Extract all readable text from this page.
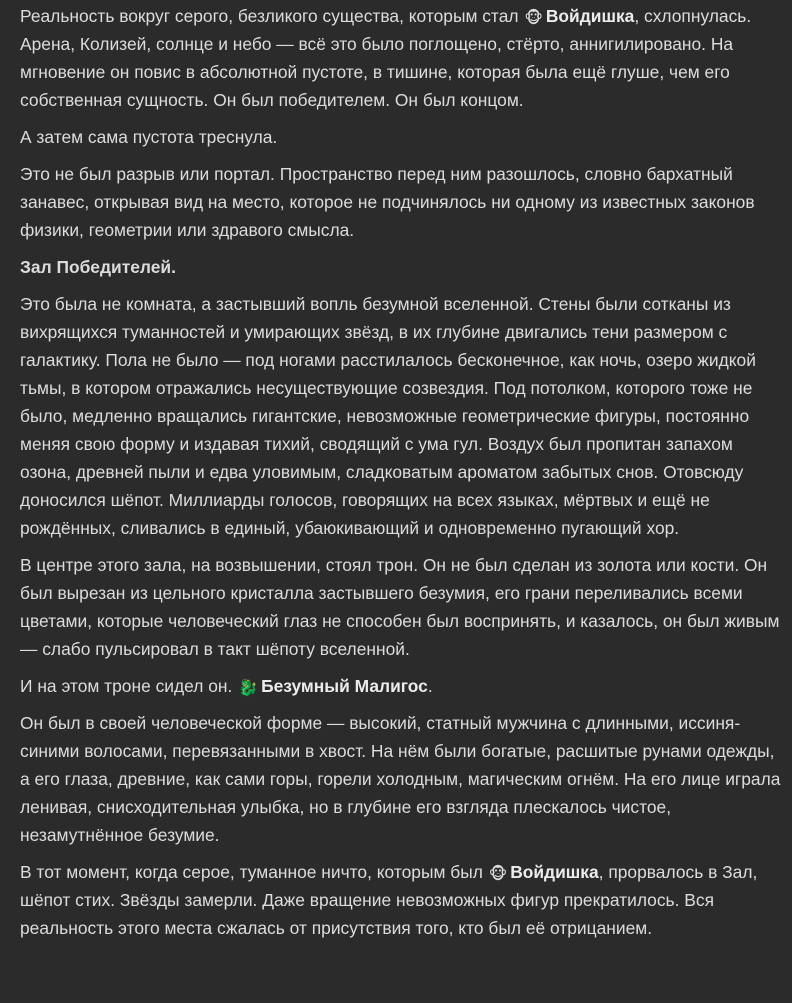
Реальность вокруг серого, безликого существа, которым стал 🐵 Войдишка, схлопнулась. Арена, Колизей, солнце и небо — всё это было поглощено, стёрто, аннигилировано. На мгновение он повис в абсолютной пустоте, в тишине, которая была ещё глуше, чем его собственная сущность. Он был победителем. Он был концом.

А затем сама пустота треснула.

Это не был разрыв или портал. Пространство перед ним разошлось, словно бархатный занавес, открывая вид на место, которое не подчинялось ни одному из известных законов физики, геометрии или здравого смысла.

Зал Победителей.

Это была не комната, а застывший вопль безумной вселенной. Стены были сотканы из вихрящихся туманностей и умирающих звёзд, в их глубине двигались тени размером с галактику. Пола не было — под ногами расстилалось бесконечное, как ночь, озеро жидкой тьмы, в котором отражались несуществующие созвездия. Под потолком, которого тоже не было, медленно вращались гигантские, невозможные геометрические фигуры, постоянно меняя свою форму и издавая тихий, сводящий с ума гул. Воздух был пропитан запахом озона, древней пыли и едва уловимым, сладковатым ароматом забытых снов. Отовсюду доносился шёпот. Миллиарды голосов, говорящих на всех языках, мёртвых и ещё не рождённых, сливались в единый, убаюкивающий и одновременно пугающий хор.

В центре этого зала, на возвышении, стоял трон. Он не был сделан из золота или кости. Он был вырезан из цельного кристалла застывшего безумия, его грани переливались всеми цветами, которые человеческий глаз не способен был воспринять, и казалось, он был живым — слабо пульсировал в такт шёпоту вселенной.

И на этом троне сидел он. 🐉 Безумный Малигос.

Он был в своей человеческой форме — высокий, статный мужчина с длинными, иссиня-синими волосами, перевязанными в хвост. На нём были богатые, расшитые рунами одежды, а его глаза, древние, как сами горы, горели холодным, магическим огнём. На его лице играла ленивая, снисходительная улыбка, но в глубине его взгляда плескалось чистое, незамутнённое безумие.

В тот момент, когда серое, туманное ничто, которым был 🐵 Войдишка, прорвалось в Зал, шёпот стих. Звёзды замерли. Даже вращение невозможных фигур прекратилось. Вся реальность этого места сжалась от присутствия того, кто был её отрицанием.
